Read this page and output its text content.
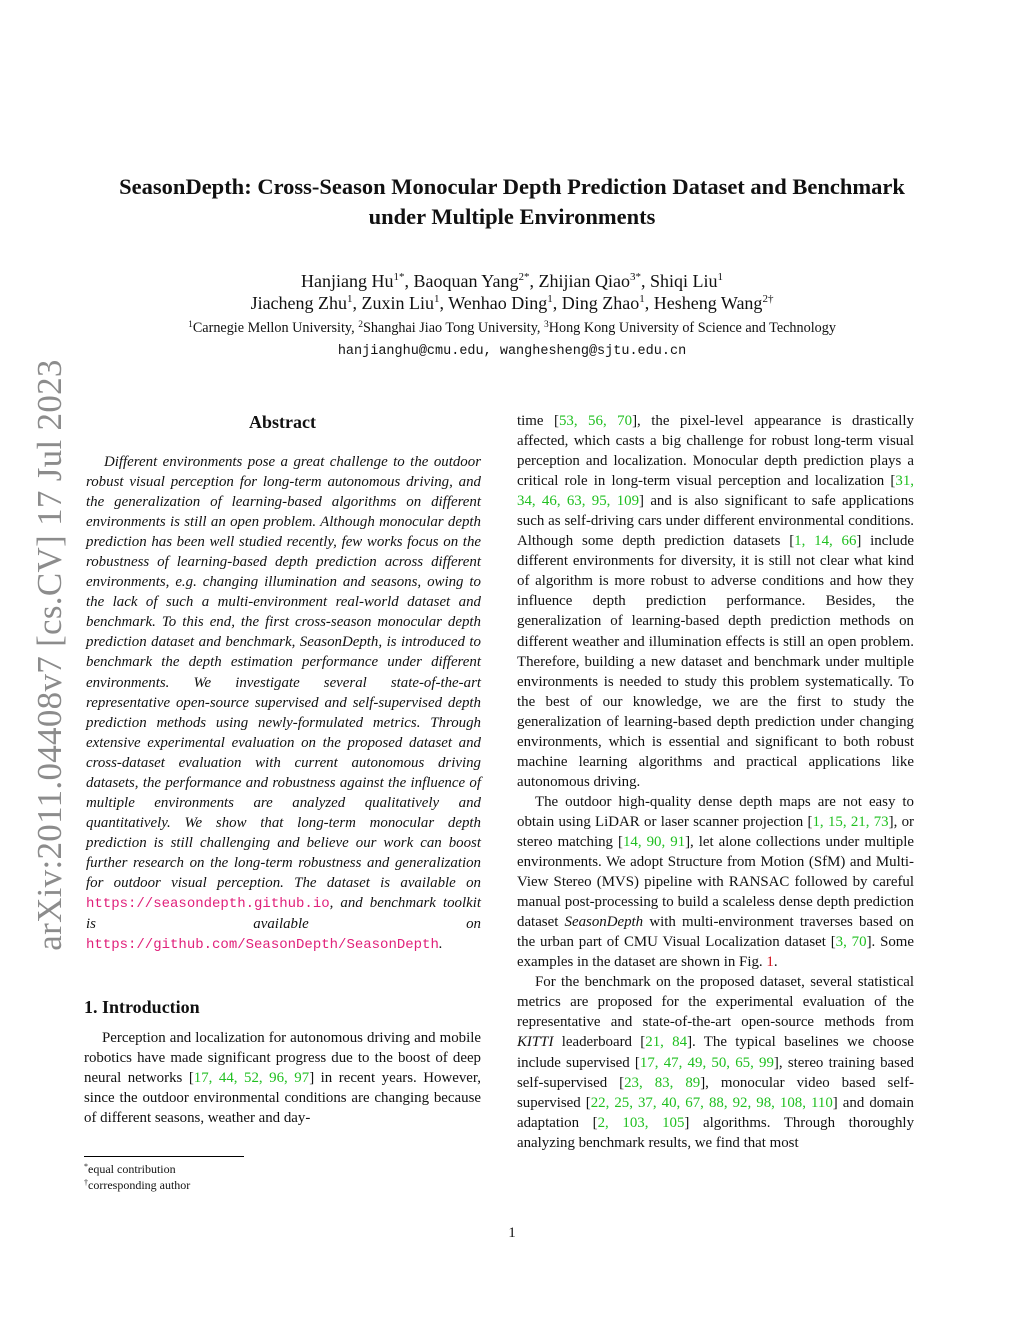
arXiv:2011.04408v7 [cs.CV] 17 Jul 2023
SeasonDepth: Cross-Season Monocular Depth Prediction Dataset and Benchmark
under Multiple Environments
Hanjiang $Hu^{1*}$, Baoquan Yang$^{2*}$, Zhijian Qiao$^{3*}$, Shiqi Liu$^1$
Jiacheng Zhu$^1$, Zuxin Liu$^1$, Wenhao Ding$^1$, Ding Zhao$^1$, Hesheng Wang$^{2\dagger}$
$^1$Carnegie Mellon University, $^2$Shanghai Jiao Tong University, $^3$Hong Kong University of Science and Technology
hanjianghu@cmu.edu, wanghesheng@sjtu.edu.cn
Abstract

Different environments pose a great challenge to the outdoor robust visual perception for long-term autonomous driving, and the generalization of learning-based algorithms on different environments is still an open problem. Although monocular depth prediction has been well studied recently, few works focus on the robustness of learning-based depth prediction across different environments, e.g. changing illumination and seasons, owing to the lack of such a multi-environment real-world dataset and benchmark. To this end, the first cross-season monocular depth prediction dataset and benchmark, SeasonDepth, is introduced to benchmark the depth estimation performance under different environments. We investigate several state-of-the-art representative open-source supervised and self-supervised depth prediction methods using newly-formulated metrics. Through extensive experimental evaluation on the proposed dataset and cross-dataset evaluation with current autonomous driving datasets, the performance and robustness against the influence of multiple environments are analyzed qualitatively and quantitatively. We show that long-term monocular depth prediction is still challenging and believe our work can boost further research on the long-term robustness and generalization for outdoor visual perception. The dataset is available on https://seasondepth.github.io, and benchmark toolkit is available on https://github.com/SeasonDepth/SeasonDepth.

1. Introduction

Perception and localization for autonomous driving and mobile robotics have made significant progress due to the boost of deep neural networks [17, 44, 52, 96, 97] in recent years. However, since the outdoor environmental conditions are changing because of different seasons, weather and day-

*equal contribution
†corresponding author

time [53, 56, 70], the pixel-level appearance is drastically affected, which casts a big challenge for robust long-term visual perception and localization. Monocular depth prediction plays a critical role in long-term visual perception and localization [31, 34, 46, 63, 95, 109] and is also significant to safe applications such as self-driving cars under different environmental conditions. Although some depth prediction datasets [1, 14, 66] include different environments for diversity, it is still not clear what kind of algorithm is more robust to adverse conditions and how they influence depth prediction performance. Besides, the generalization of learning-based depth prediction methods on different weather and illumination effects is still an open problem. Therefore, building a new dataset and benchmark under multiple environments is needed to study this problem systematically. To the best of our knowledge, we are the first to study the generalization of learning-based depth prediction under changing environments, which is essential and significant to both robust machine learning algorithms and practical applications like autonomous driving.

The outdoor high-quality dense depth maps are not easy to obtain using LiDAR or laser scanner projection [1, 15, 21, 73], or stereo matching [14, 90, 91], let alone collections under multiple environments. We adopt Structure from Motion (SfM) and Multi-View Stereo (MVS) pipeline with RANSAC followed by careful manual post-processing to build a scaleless dense depth prediction dataset SeasonDepth with multi-environment traverses based on the urban part of CMU Visual Localization dataset [3, 70]. Some examples in the dataset are shown in Fig. 1.

For the benchmark on the proposed dataset, several statistical metrics are proposed for the experimental evaluation of the representative and state-of-the-art open-source methods from KITTI leaderboard [21, 84]. The typical baselines we choose include supervised [17, 47, 49, 50, 65, 99], stereo training based self-supervised [23, 83, 89], monocular video based self-supervised [22, 25, 37, 40, 67, 88, 92, 98, 108, 110] and domain adaptation [2, 103, 105] algorithms. Through thoroughly analyzing benchmark results, we find that most

1
